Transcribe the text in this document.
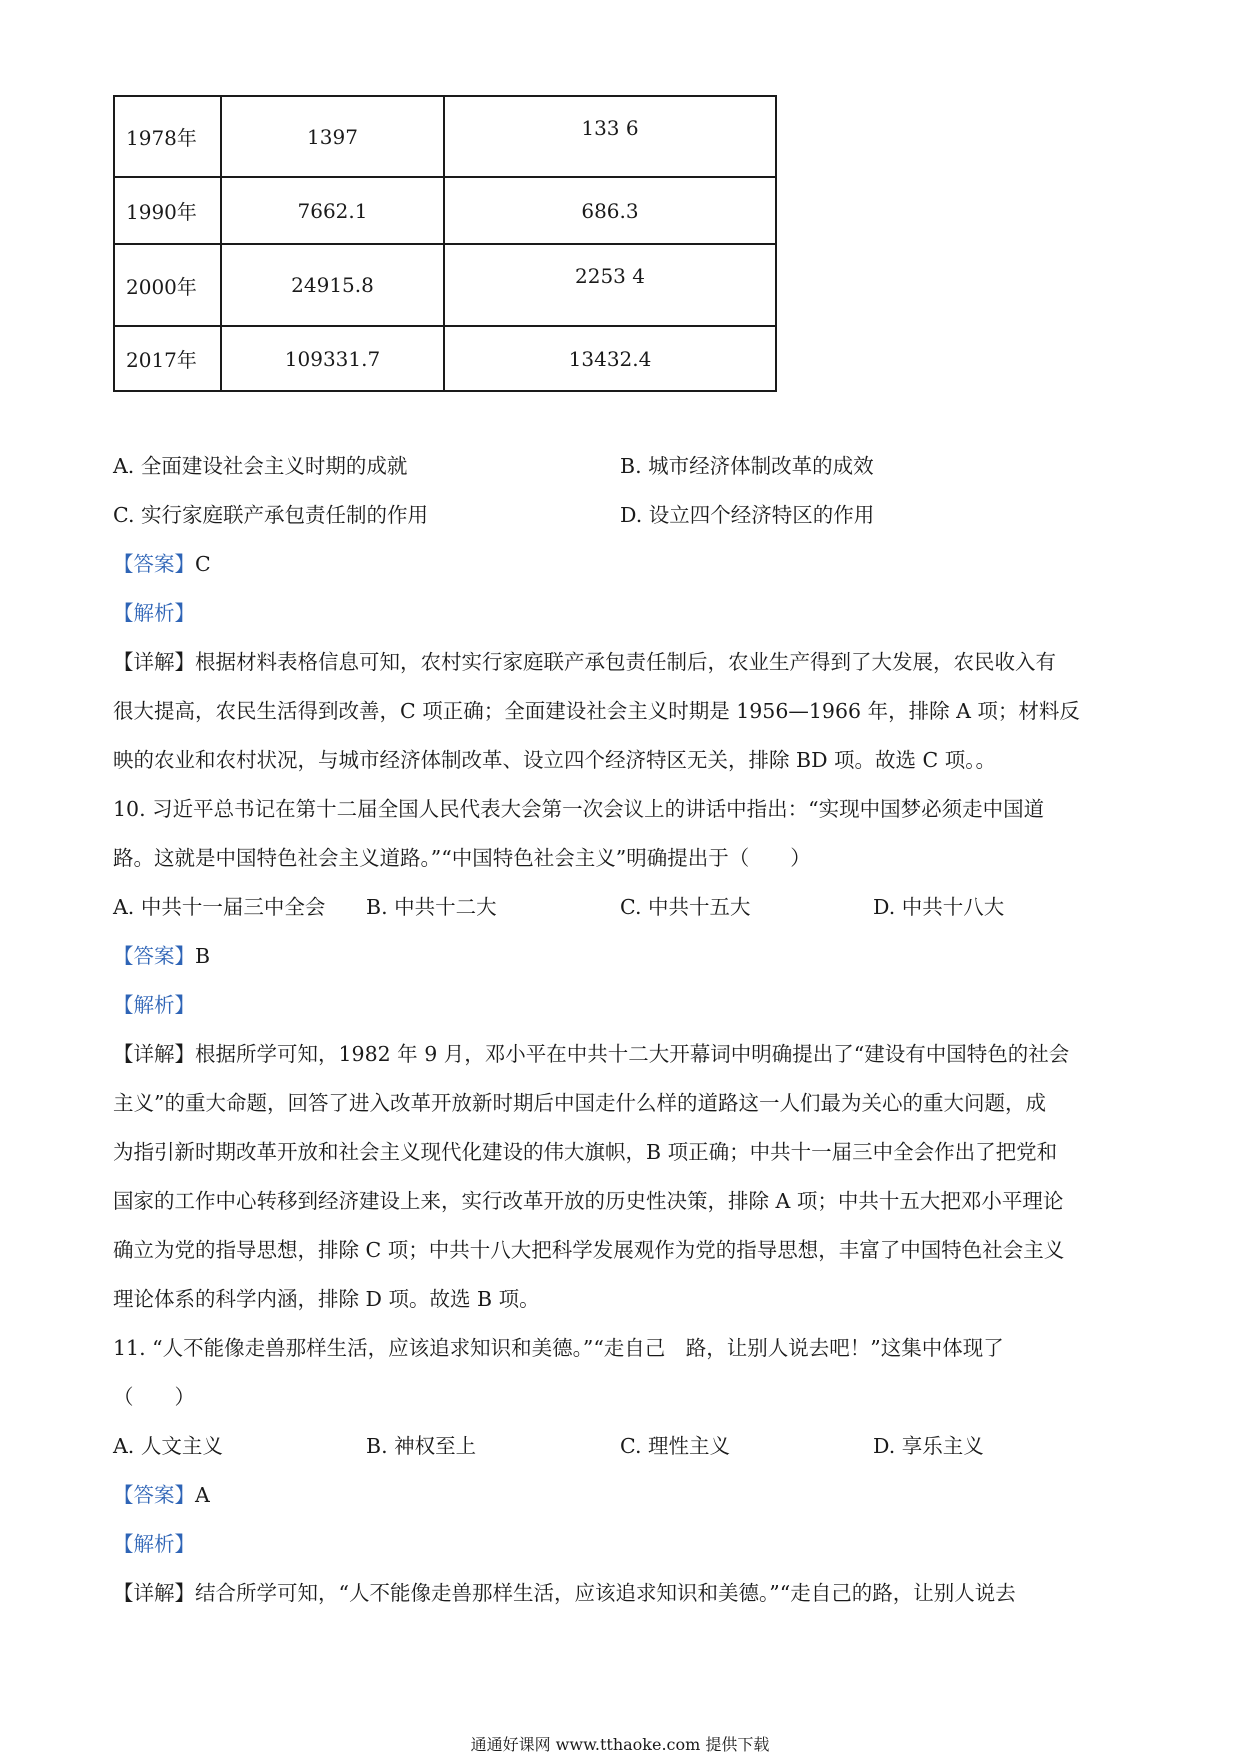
1978年	1397	133 6
1990年	7662.1	686.3
2000年	24915.8	2253 4
2017年	109331.7	13432.4
A. 全面建设社会主义时期的成就	B. 城市经济体制改革的成效
C. 实行家庭联产承包责任制的作用	D. 设立四个经济特区的作用
【答案】C
【解析】
【详解】根据材料表格信息可知，农村实行家庭联产承包责任制后，农业生产得到了大发展，农民收入有
很大提高，农民生活得到改善，C 项正确；全面建设社会主义时期是 1956—1966 年，排除 A 项；材料反
映的农业和农村状况，与城市经济体制改革、设立四个经济特区无关，排除 BD 项。故选 C 项。。
10. 习近平总书记在第十二届全国人民代表大会第一次会议上的讲话中指出：“实现中国梦必须走中国道
路。这就是中国特色社会主义道路。”“中国特色社会主义”明确提出于（　　）
A. 中共十一届三中全会 B. 中共十二大	C. 中共十五大	D. 中共十八大
【答案】B
【解析】
【详解】根据所学可知，1982 年 9 月，邓小平在中共十二大开幕词中明确提出了“建设有中国特色的社会
主义”的重大命题，回答了进入改革开放新时期后中国走什么样的道路这一人们最为关心的重大问题，成
为指引新时期改革开放和社会主义现代化建设的伟大旗帜，B 项正确；中共十一届三中全会作出了把党和
国家的工作中心转移到经济建设上来，实行改革开放的历史性决策，排除 A 项；中共十五大把邓小平理论
确立为党的指导思想，排除 C 项；中共十八大把科学发展观作为党的指导思想，丰富了中国特色社会主义
理论体系的科学内涵，排除 D 项。故选 B 项。
11. “人不能像走兽那样生活，应该追求知识和美德。”“走自己　路，让别人说去吧！”这集中体现了
（　　）
A. 人文主义	B. 神权至上	C. 理性主义	D. 享乐主义
【答案】A
【解析】
【详解】结合所学可知，“人不能像走兽那样生活，应该追求知识和美德。”“走自己的路，让别人说去
通通好课网 www.tthaoke.com 提供下载
